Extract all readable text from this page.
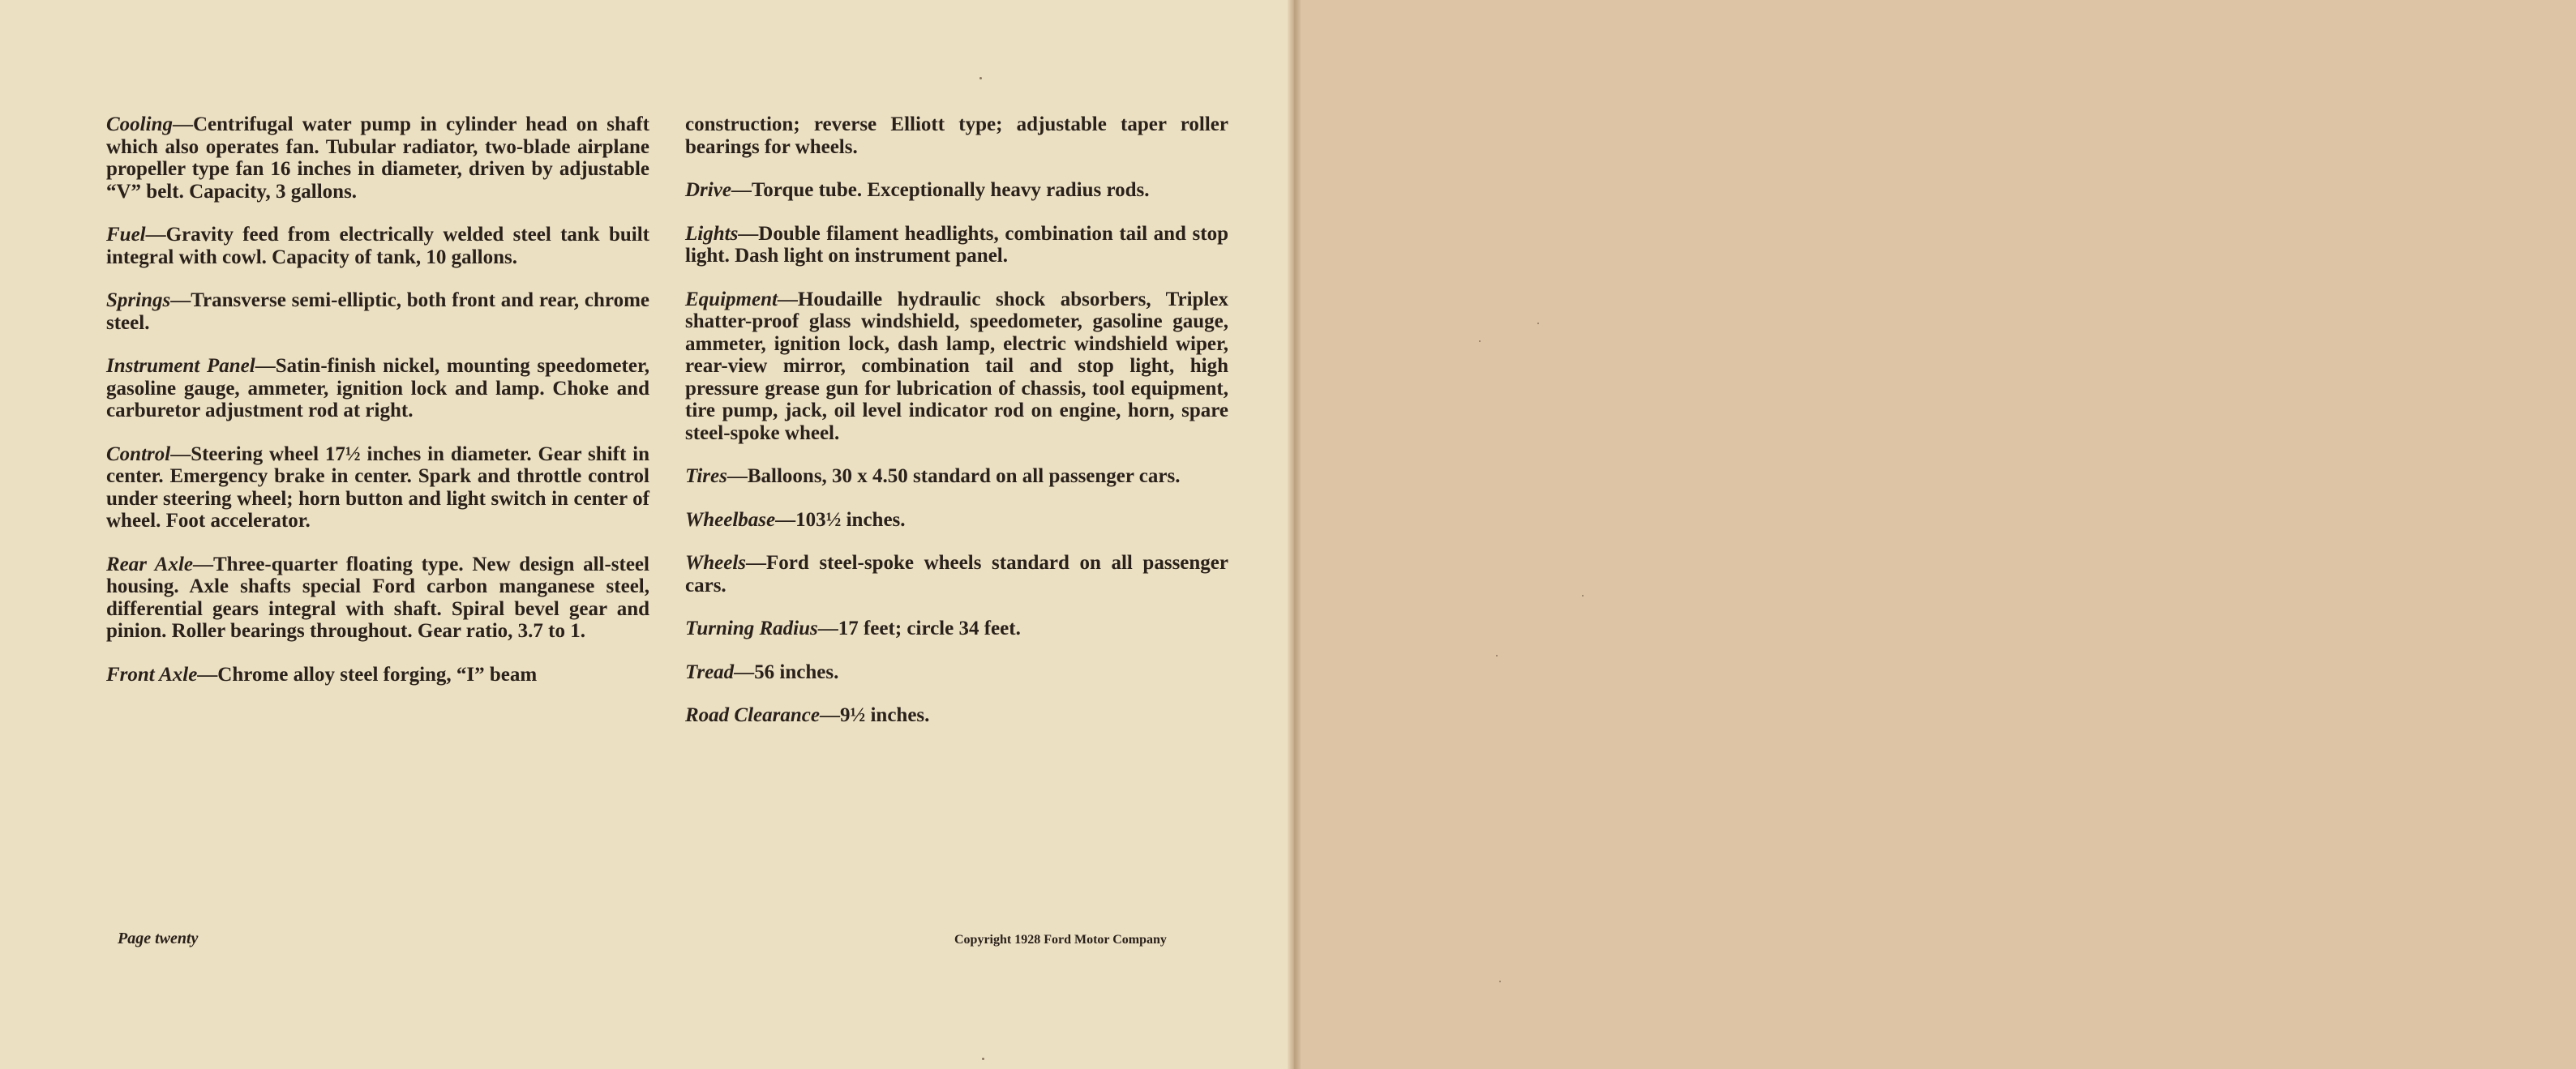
Cooling—Centrifugal water pump in cylinder head on shaft which also operates fan. Tubular radiator, two-blade airplane propeller type fan 16 inches in diameter, driven by adjustable “V” belt. Capacity, 3 gallons.

Fuel—Gravity feed from electrically welded steel tank built integral with cowl. Capacity of tank, 10 gallons.

Springs—Transverse semi-elliptic, both front and rear, chrome steel.

Instrument Panel—Satin-finish nickel, mounting speedometer, gasoline gauge, ammeter, ignition lock and lamp. Choke and carburetor adjustment rod at right.

Control—Steering wheel 17½ inches in diameter. Gear shift in center. Emergency brake in center. Spark and throttle control under steering wheel; horn button and light switch in center of wheel. Foot accelerator.

Rear Axle—Three-quarter floating type. New design all-steel housing. Axle shafts special Ford carbon manganese steel, differential gears integral with shaft. Spiral bevel gear and pinion. Roller bearings throughout. Gear ratio, 3.7 to 1.

Front Axle—Chrome alloy steel forging, “I” beam

construction; reverse Elliott type; adjustable taper roller bearings for wheels.

Drive—Torque tube. Exceptionally heavy radius rods.

Lights—Double filament headlights, combination tail and stop light. Dash light on instrument panel.

Equipment—Houdaille hydraulic shock absorbers, Triplex shatter-proof glass windshield, speedometer, gasoline gauge, ammeter, ignition lock, dash lamp, electric windshield wiper, rear-view mirror, combination tail and stop light, high pressure grease gun for lubrication of chassis, tool equipment, tire pump, jack, oil level indicator rod on engine, horn, spare steel-spoke wheel.

Tires—Balloons, 30 x 4.50 standard on all passenger cars.

Wheelbase—103½ inches.

Wheels—Ford steel-spoke wheels standard on all passenger cars.

Turning Radius—17 feet; circle 34 feet.

Tread—56 inches.

Road Clearance—9½ inches.

Page twenty	Copyright 1928 Ford Motor Company
